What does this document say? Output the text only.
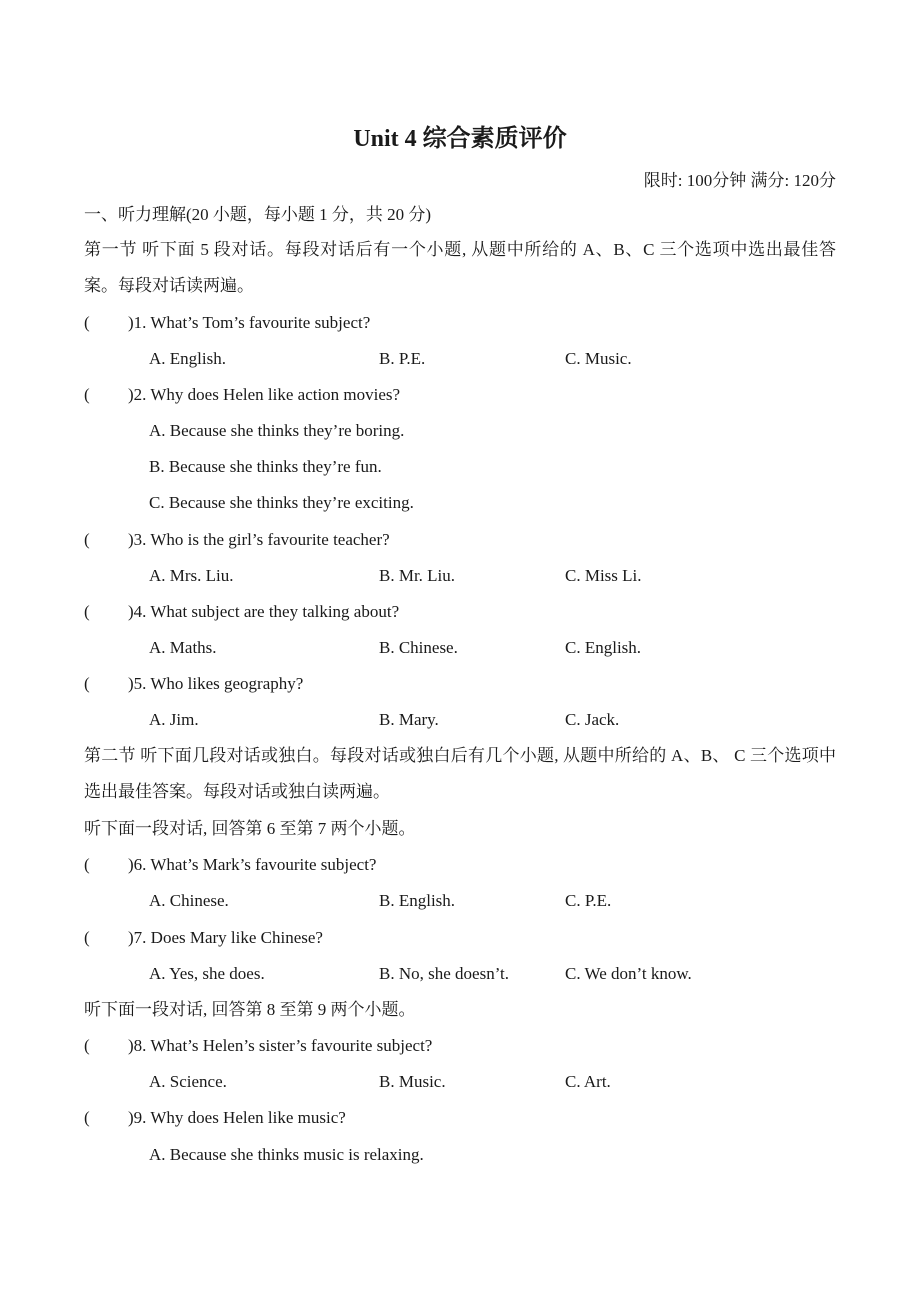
Unit 4 综合素质评价
限时: 100分钟 满分: 120分
一、听力理解(20 小题，每小题 1 分，共 20 分)
第一节 听下面 5 段对话。每段对话后有一个小题, 从题中所给的 A、B、C 三个选项中选出最佳答案。每段对话读两遍。
( )1. What’s Tom’s favourite subject?
A. English.	B. P.E.	C. Music.
( )2. Why does Helen like action movies?
A. Because she thinks they’re boring.
B. Because she thinks they’re fun.
C. Because she thinks they’re exciting.
( )3. Who is the girl’s favourite teacher?
A. Mrs. Liu.	B. Mr. Liu.	C. Miss Li.
( )4. What subject are they talking about?
A. Maths.	B. Chinese.	C. English.
( )5. Who likes geography?
A. Jim.	B. Mary.	C. Jack.
第二节 听下面几段对话或独白。每段对话或独白后有几个小题, 从题中所给的 A、B、 C 三个选项中选出最佳答案。每段对话或独白读两遍。
听下面一段对话, 回答第 6 至第 7 两个小题。
( )6. What’s Mark’s favourite subject?
A. Chinese.	B. English.	C. P.E.
( )7. Does Mary like Chinese?
A. Yes, she does.	B. No, she doesn’t.	C. We don’t know.
听下面一段对话, 回答第 8 至第 9 两个小题。
( )8. What’s Helen’s sister’s favourite subject?
A. Science.	B. Music.	C. Art.
( )9. Why does Helen like music?
A. Because she thinks music is relaxing.
